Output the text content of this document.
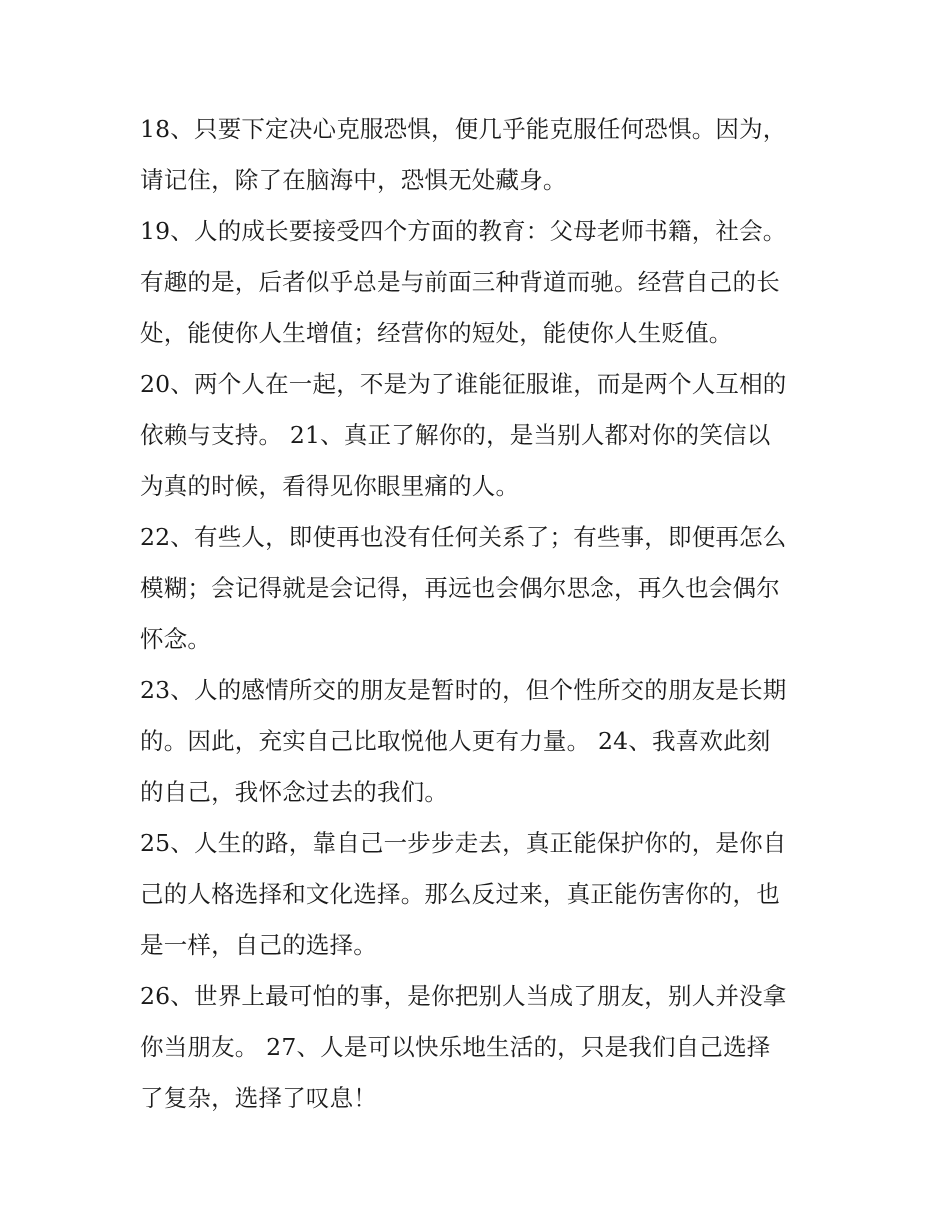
18、只要下定决心克服恐惧，便几乎能克服任何恐惧。因为，
请记住，除了在脑海中，恐惧无处藏身。
19、人的成长要接受四个方面的教育：父母老师书籍，社会。
有趣的是，后者似乎总是与前面三种背道而驰。经营自己的长
处，能使你人生增值；经营你的短处，能使你人生贬值。
20、两个人在一起，不是为了谁能征服谁，而是两个人互相的
依赖与支持。 21、真正了解你的，是当别人都对你的笑信以
为真的时候，看得见你眼里痛的人。
22、有些人，即使再也没有任何关系了；有些事，即便再怎么
模糊；会记得就是会记得，再远也会偶尔思念，再久也会偶尔
怀念。
23、人的感情所交的朋友是暂时的，但个性所交的朋友是长期
的。因此，充实自己比取悦他人更有力量。 24、我喜欢此刻
的自己，我怀念过去的我们。
25、人生的路，靠自己一步步走去，真正能保护你的，是你自
己的人格选择和文化选择。那么反过来，真正能伤害你的，也
是一样，自己的选择。
26、世界上最可怕的事，是你把别人当成了朋友，别人并没拿
你当朋友。 27、人是可以快乐地生活的，只是我们自己选择
了复杂，选择了叹息！
